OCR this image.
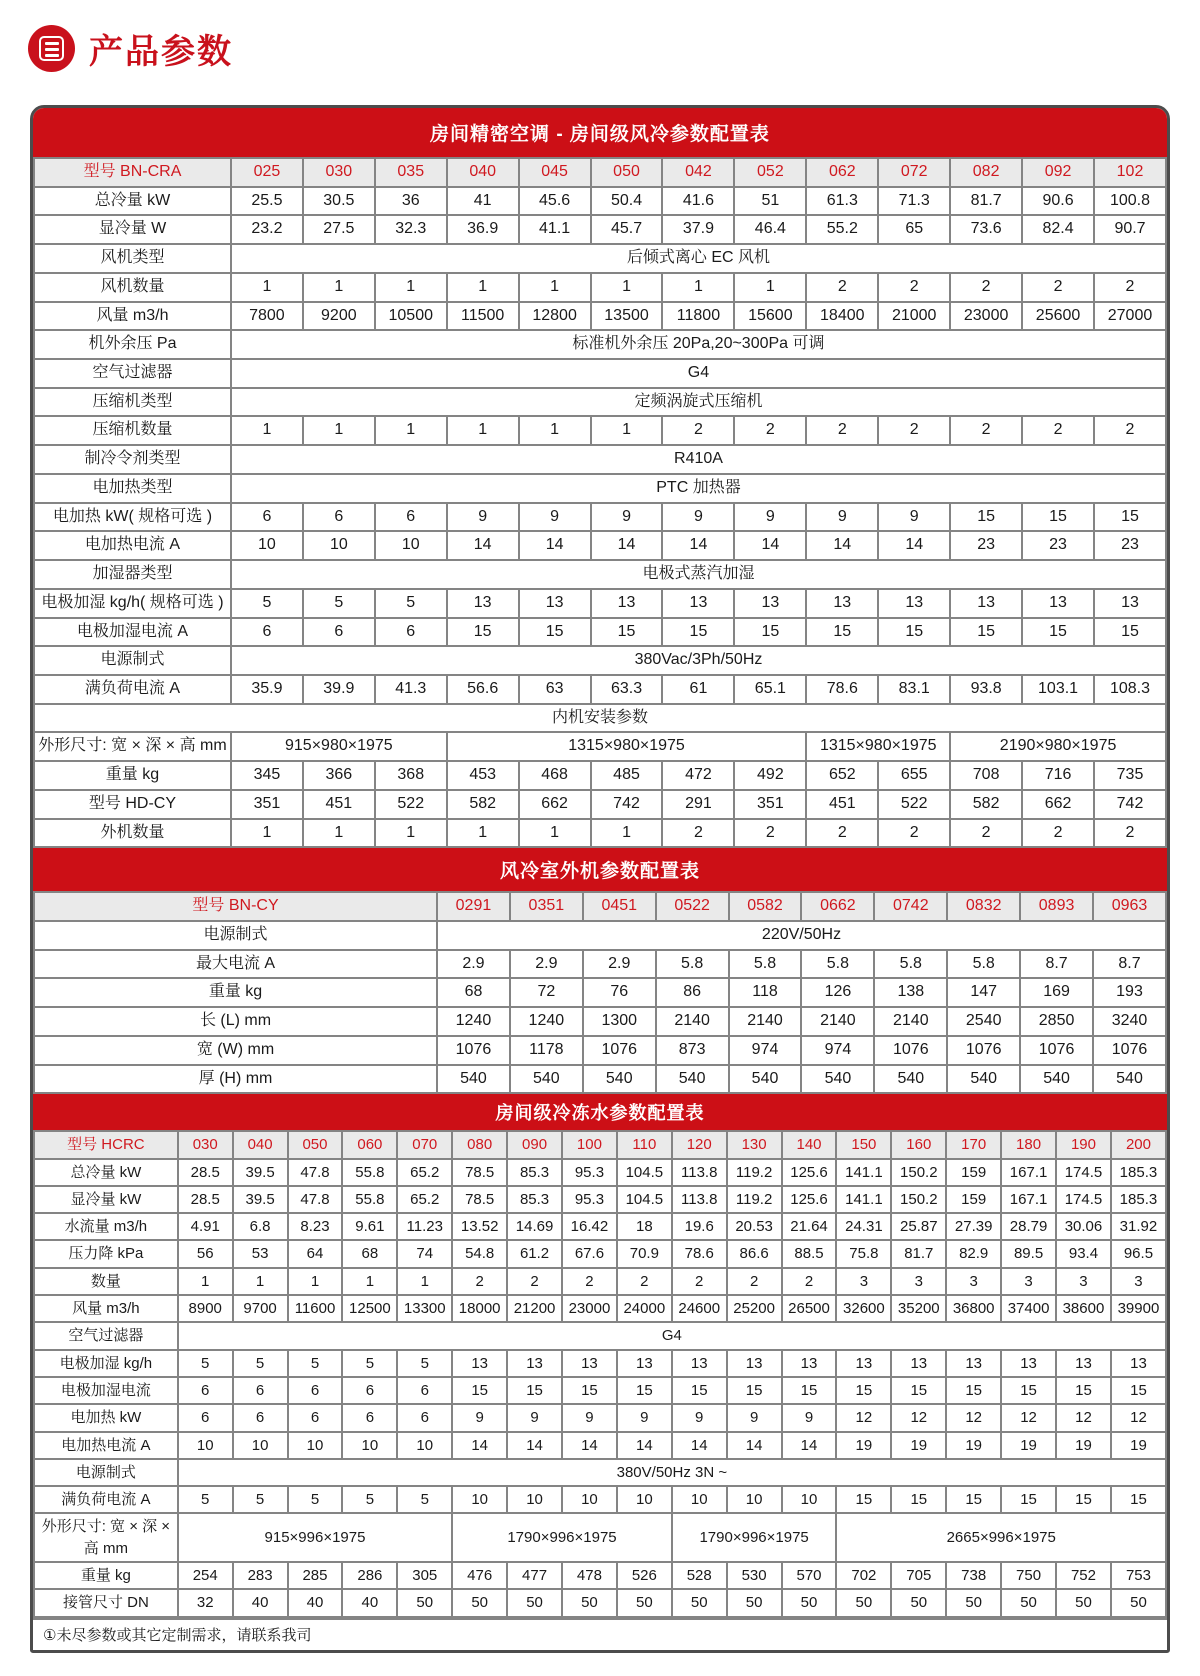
产品参数
房间精密空调 - 房间级风冷参数配置表
型号 BN-CRA	025	030	035	040	045	050	042	052	062	072	082	092	102
总冷量 kW	25.5	30.5	36	41	45.6	50.4	41.6	51	61.3	71.3	81.7	90.6	100.8
显冷量 W	23.2	27.5	32.3	36.9	41.1	45.7	37.9	46.4	55.2	65	73.6	82.4	90.7
风机类型	后倾式离心 EC 风机												
风机数量	1	1	1	1	1	1	1	1	2	2	2	2	2
风量 m3/h	7800	9200	10500	11500	12800	13500	11800	15600	18400	21000	23000	25600	27000
机外余压 Pa	标准机外余压 20Pa,20~300Pa 可调												
空气过滤器	G4												
压缩机类型	定频涡旋式压缩机												
压缩机数量	1	1	1	1	1	1	2	2	2	2	2	2	2
制冷令剂类型	R410A												
电加热类型	PTC 加热器												
电加热 kW( 规格可选 )	6	6	6	9	9	9	9	9	9	9	15	15	15
电加热电流 A	10	10	10	14	14	14	14	14	14	14	23	23	23
加湿器类型	电极式蒸汽加湿												
电极加湿 kg/h( 规格可选 )	5	5	5	13	13	13	13	13	13	13	13	13	13
电极加湿电流 A	6	6	6	15	15	15	15	15	15	15	15	15	15
电源制式	380Vac/3Ph/50Hz												
满负荷电流 A	35.9	39.9	41.3	56.6	63	63.3	61	65.1	78.6	83.1	93.8	103.1	108.3
内机安装参数													
外形尺寸: 宽 × 深 × 高 mm	915×980×1975			1315×980×1975					1315×980×1975		2190×980×1975		
重量 kg	345	366	368	453	468	485	472	492	652	655	708	716	735
型号 HD-CY	351	451	522	582	662	742	291	351	451	522	582	662	742
外机数量	1	1	1	1	1	1	2	2	2	2	2	2	2
风冷室外机参数配置表
型号 BN-CY	0291	0351	0451	0522	0582	0662	0742	0832	0893	0963
电源制式	220V/50Hz									
最大电流 A	2.9	2.9	2.9	5.8	5.8	5.8	5.8	5.8	8.7	8.7
重量 kg	68	72	76	86	118	126	138	147	169	193
长 (L) mm	1240	1240	1300	2140	2140	2140	2140	2540	2850	3240
宽 (W) mm	1076	1178	1076	873	974	974	1076	1076	1076	1076
厚 (H) mm	540	540	540	540	540	540	540	540	540	540
房间级冷冻水参数配置表
型号 HCRC	030	040	050	060	070	080	090	100	110	120	130	140	150	160	170	180	190	200
总冷量 kW	28.5	39.5	47.8	55.8	65.2	78.5	85.3	95.3	104.5	113.8	119.2	125.6	141.1	150.2	159	167.1	174.5	185.3
显冷量 kW	28.5	39.5	47.8	55.8	65.2	78.5	85.3	95.3	104.5	113.8	119.2	125.6	141.1	150.2	159	167.1	174.5	185.3
水流量 m3/h	4.91	6.8	8.23	9.61	11.23	13.52	14.69	16.42	18	19.6	20.53	21.64	24.31	25.87	27.39	28.79	30.06	31.92
压力降 kPa	56	53	64	68	74	54.8	61.2	67.6	70.9	78.6	86.6	88.5	75.8	81.7	82.9	89.5	93.4	96.5
数量	1	1	1	1	1	2	2	2	2	2	2	2	3	3	3	3	3	3
风量 m3/h	8900	9700	11600	12500	13300	18000	21200	23000	24000	24600	25200	26500	32600	35200	36800	37400	38600	39900
空气过滤器	G4																	
电极加湿 kg/h	5	5	5	5	5	13	13	13	13	13	13	13	13	13	13	13	13	13
电极加湿电流	6	6	6	6	6	15	15	15	15	15	15	15	15	15	15	15	15	15
电加热 kW	6	6	6	6	6	9	9	9	9	9	9	9	12	12	12	12	12	12
电加热电流 A	10	10	10	10	10	14	14	14	14	14	14	14	19	19	19	19	19	19
电源制式	380V/50Hz 3N ~																	
满负荷电流 A	5	5	5	5	5	10	10	10	10	10	10	10	15	15	15	15	15	15
外形尺寸: 宽 × 深 × 高 mm	915×996×1975					1790×996×1975				1790×996×1975			2665×996×1975					
重量 kg	254	283	285	286	305	476	477	478	526	528	530	570	702	705	738	750	752	753
接管尺寸 DN	32	40	40	40	50	50	50	50	50	50	50	50	50	50	50	50	50	50
①未尽参数或其它定制需求，请联系我司
